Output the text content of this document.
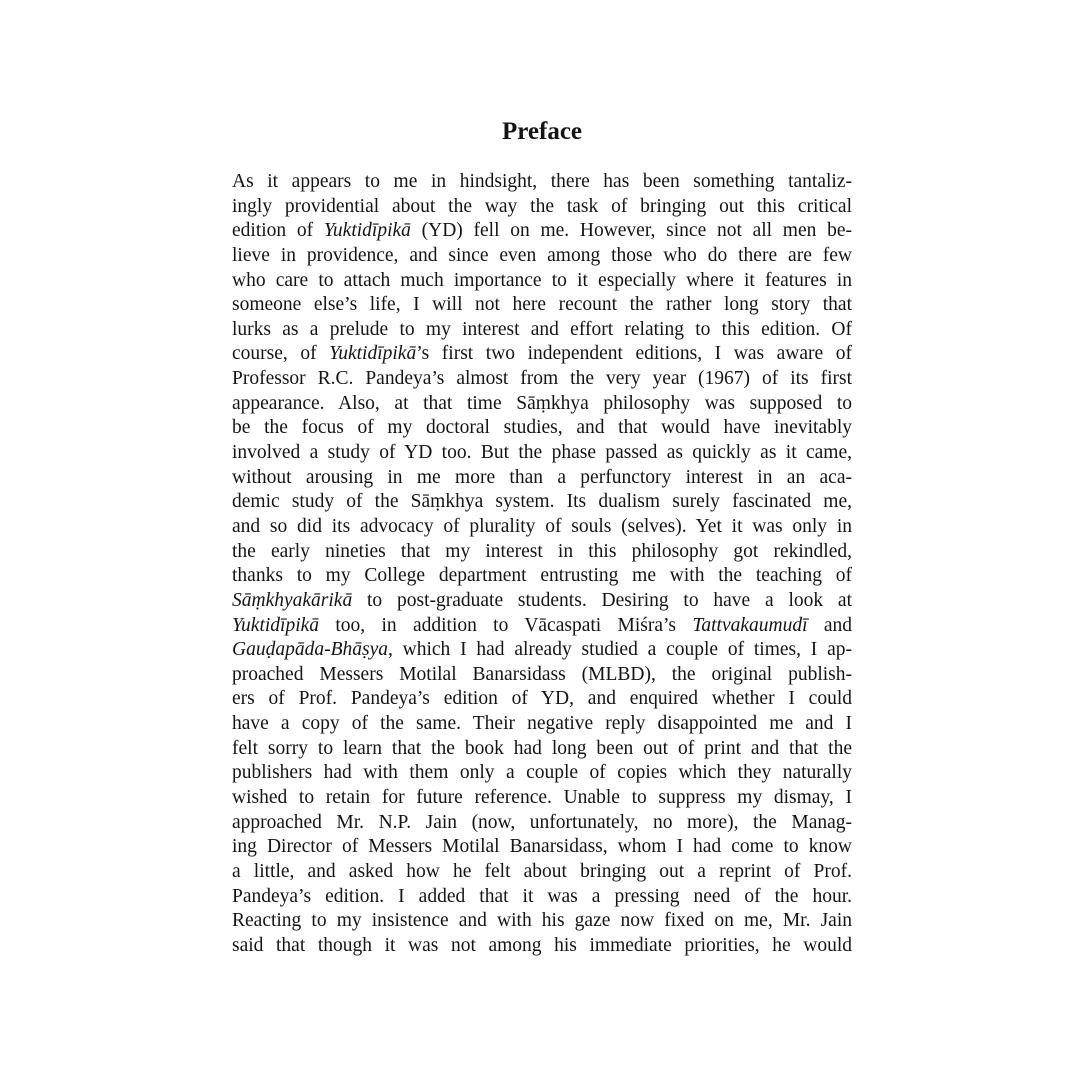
Preface
As it appears to me in hindsight, there has been something tantaliz-
ingly providential about the way the task of bringing out this critical
edition of Yuktidīpikā (YD) fell on me. However, since not all men be-
lieve in providence, and since even among those who do there are few
who care to attach much importance to it especially where it features in
someone else’s life, I will not here recount the rather long story that
lurks as a prelude to my interest and effort relating to this edition. Of
course, of Yuktidīpikā’s first two independent editions, I was aware of
Professor R.C. Pandeya’s almost from the very year (1967) of its first
appearance. Also, at that time Sāṃkhya philosophy was supposed to
be the focus of my doctoral studies, and that would have inevitably
involved a study of YD too. But the phase passed as quickly as it came,
without arousing in me more than a perfunctory interest in an aca-
demic study of the Sāṃkhya system. Its dualism surely fascinated me,
and so did its advocacy of plurality of souls (selves). Yet it was only in
the early nineties that my interest in this philosophy got rekindled,
thanks to my College department entrusting me with the teaching of
Sāṃkhyakārikā to post-graduate students. Desiring to have a look at
Yuktidīpikā too, in addition to Vācaspati Miśra’s Tattvakaumudī and
Gauḍapāda-Bhāṣya, which I had already studied a couple of times, I ap-
proached Messers Motilal Banarsidass (MLBD), the original publish-
ers of Prof. Pandeya’s edition of YD, and enquired whether I could
have a copy of the same. Their negative reply disappointed me and I
felt sorry to learn that the book had long been out of print and that the
publishers had with them only a couple of copies which they naturally
wished to retain for future reference. Unable to suppress my dismay, I
approached Mr. N.P. Jain (now, unfortunately, no more), the Manag-
ing Director of Messers Motilal Banarsidass, whom I had come to know
a little, and asked how he felt about bringing out a reprint of Prof.
Pandeya’s edition. I added that it was a pressing need of the hour.
Reacting to my insistence and with his gaze now fixed on me, Mr. Jain
said that though it was not among his immediate priorities, he would
